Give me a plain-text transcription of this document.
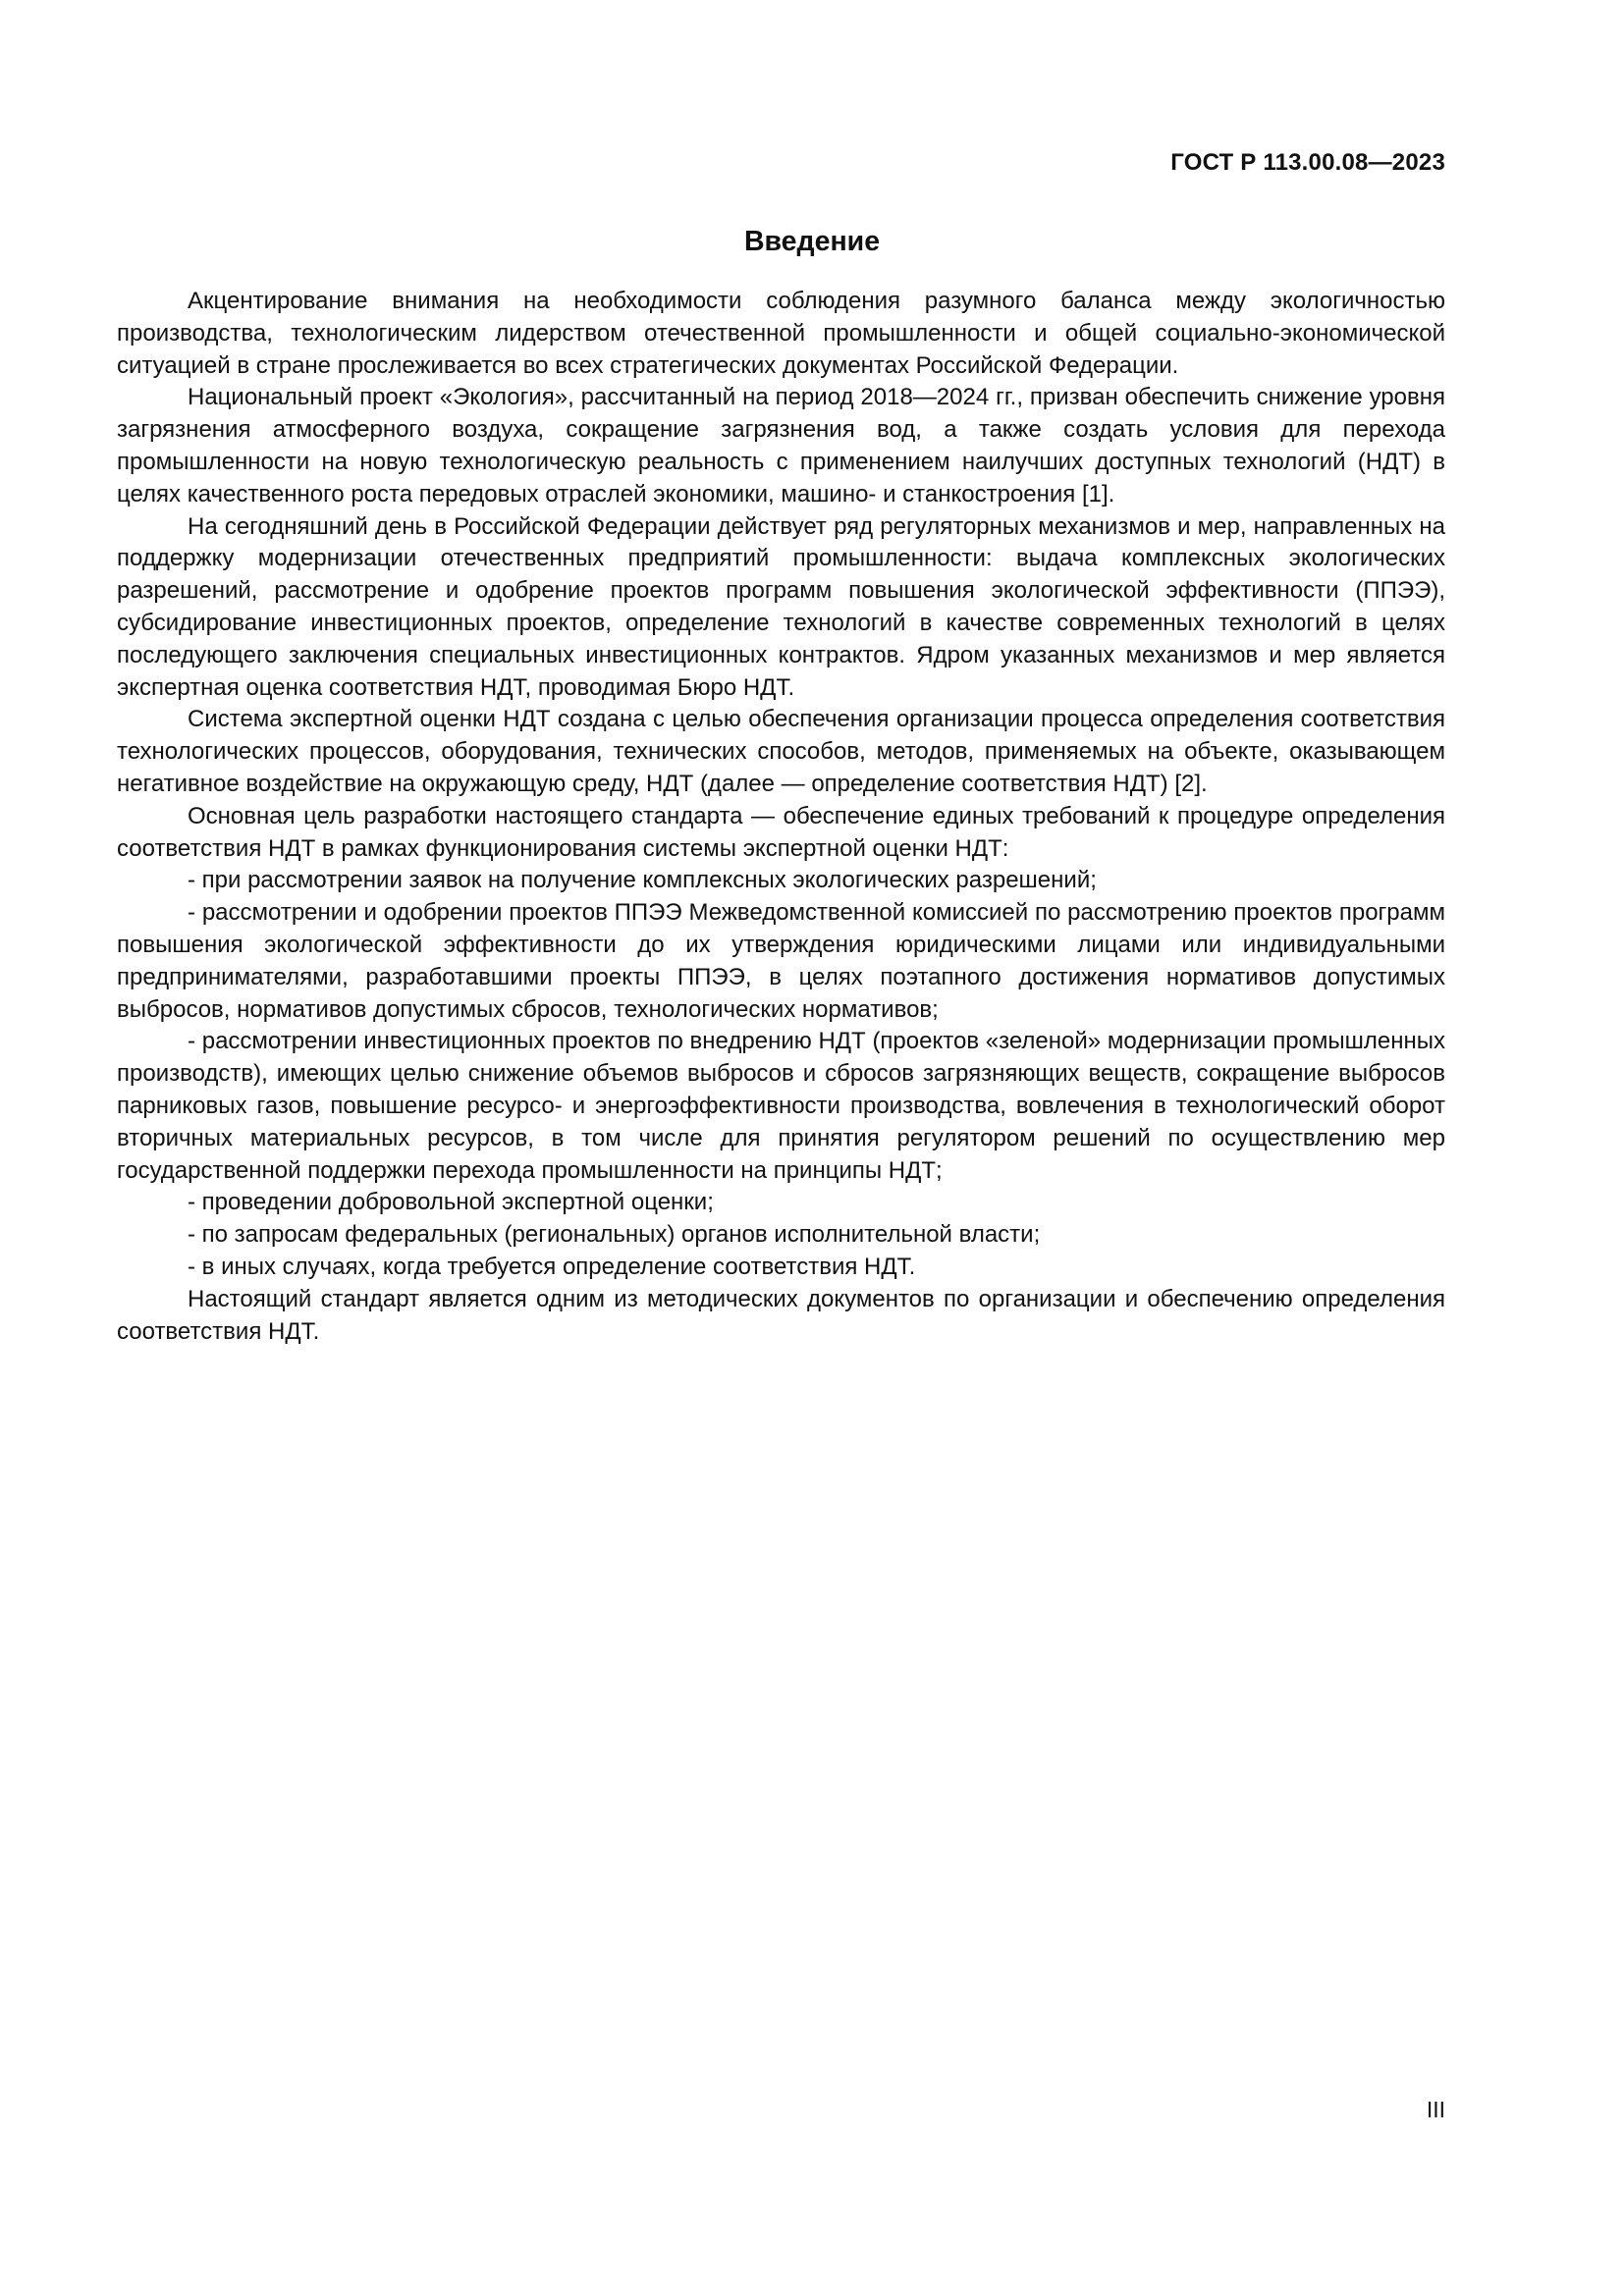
ГОСТ Р 113.00.08—2023
Введение

Акцентирование внимания на необходимости соблюдения разумного баланса между экологичностью производства, технологическим лидерством отечественной промышленности и общей социально-экономической ситуацией в стране прослеживается во всех стратегических документах Российской Федерации.

Национальный проект «Экология», рассчитанный на период 2018—2024 гг., призван обеспечить снижение уровня загрязнения атмосферного воздуха, сокращение загрязнения вод, а также создать условия для перехода промышленности на новую технологическую реальность с применением наилучших доступных технологий (НДТ) в целях качественного роста передовых отраслей экономики, машино- и станкостроения [1].

На сегодняшний день в Российской Федерации действует ряд регуляторных механизмов и мер, направленных на поддержку модернизации отечественных предприятий промышленности: выдача комплексных экологических разрешений, рассмотрение и одобрение проектов программ повышения экологической эффективности (ППЭЭ), субсидирование инвестиционных проектов, определение технологий в качестве современных технологий в целях последующего заключения специальных инвестиционных контрактов. Ядром указанных механизмов и мер является экспертная оценка соответствия НДТ, проводимая Бюро НДТ.

Система экспертной оценки НДТ создана с целью обеспечения организации процесса определения соответствия технологических процессов, оборудования, технических способов, методов, применяемых на объекте, оказывающем негативное воздействие на окружающую среду, НДТ (далее — определение соответствия НДТ) [2].

Основная цель разработки настоящего стандарта — обеспечение единых требований к процедуре определения соответствия НДТ в рамках функционирования системы экспертной оценки НДТ:

- при рассмотрении заявок на получение комплексных экологических разрешений;

- рассмотрении и одобрении проектов ППЭЭ Межведомственной комиссией по рассмотрению проектов программ повышения экологической эффективности до их утверждения юридическими лицами или индивидуальными предпринимателями, разработавшими проекты ППЭЭ, в целях поэтапного достижения нормативов допустимых выбросов, нормативов допустимых сбросов, технологических нормативов;

- рассмотрении инвестиционных проектов по внедрению НДТ (проектов «зеленой» модернизации промышленных производств), имеющих целью снижение объемов выбросов и сбросов загрязняющих веществ, сокращение выбросов парниковых газов, повышение ресурсо- и энергоэффективности производства, вовлечения в технологический оборот вторичных материальных ресурсов, в том числе для принятия регулятором решений по осуществлению мер государственной поддержки перехода промышленности на принципы НДТ;

- проведении добровольной экспертной оценки;

- по запросам федеральных (региональных) органов исполнительной власти;

- в иных случаях, когда требуется определение соответствия НДТ.

Настоящий стандарт является одним из методических документов по организации и обеспечению определения соответствия НДТ.

III
